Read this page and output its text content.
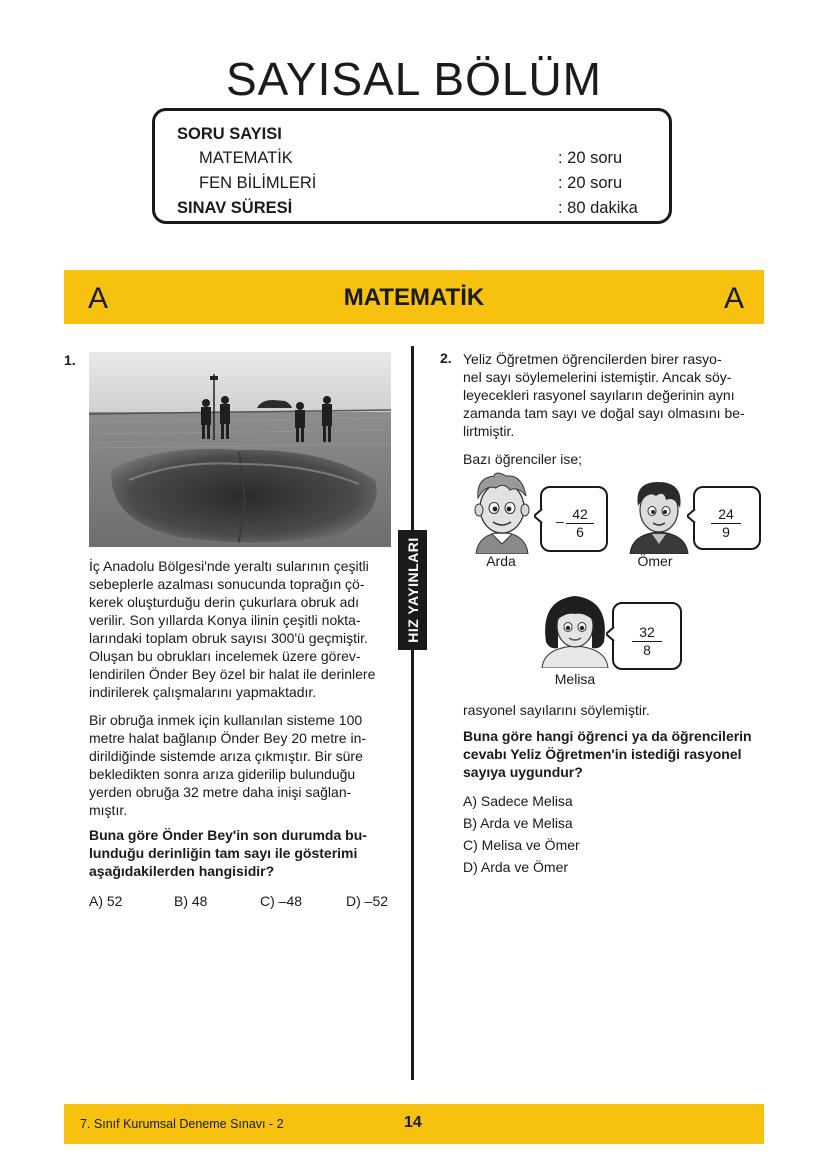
SAYISAL BÖLÜM
SORU SAYISI
MATEMATİK	: 20 soru
FEN BİLİMLERİ	: 20 soru
SINAV SÜRESİ	: 80 dakika
A	MATEMATİK	A
HIZ YAYINLARI
1.
İç Anadolu Bölgesi'nde yeraltı sularının çeşitli
sebeplerle azalması sonucunda toprağın çö-
kerek oluşturduğu derin çukurlara obruk adı
verilir. Son yıllarda Konya ilinin çeşitli nokta-
larındaki toplam obruk sayısı 300'ü geçmiştir.
Oluşan bu obrukları incelemek üzere görev-
lendirilen Önder Bey özel bir halat ile derinlere
indirilerek çalışmalarını yapmaktadır.
Bir obruğa inmek için kullanılan sisteme 100
metre halat bağlanıp Önder Bey 20 metre in-
dirildiğinde sistemde arıza çıkmıştır. Bir süre
bekledikten sonra arıza giderilip bulunduğu
yerden obruğa 32 metre daha inişi sağlan-
mıştır.
Buna göre Önder Bey'in son durumda bu-
lunduğu derinliğin tam sayı ile gösterimi
aşağıdakilerden hangisidir?
A) 52	B) 48	C) –48	D) –52
2. Yeliz Öğretmen öğrencilerden birer rasyo-
nel sayı söylemelerini istemiştir. Ancak söy-
leyecekleri rasyonel sayıların değerinin aynı
zamanda tam sayı ve doğal sayı olmasını be-
lirtmiştir.
Bazı öğrenciler ise;
– $\frac{42}{6}$
Arda
$\frac{24}{9}$
Ömer
$\frac{32}{8}$
Melisa
rasyonel sayılarını söylemiştir.
Buna göre hangi öğrenci ya da öğrencilerin
cevabı Yeliz Öğretmen'in istediği rasyonel
sayıya uygundur?
A) Sadece Melisa
B) Arda ve Melisa
C) Melisa ve Ömer
D) Arda ve Ömer
7. Sınıf Kurumsal Deneme Sınavı - 2	14
